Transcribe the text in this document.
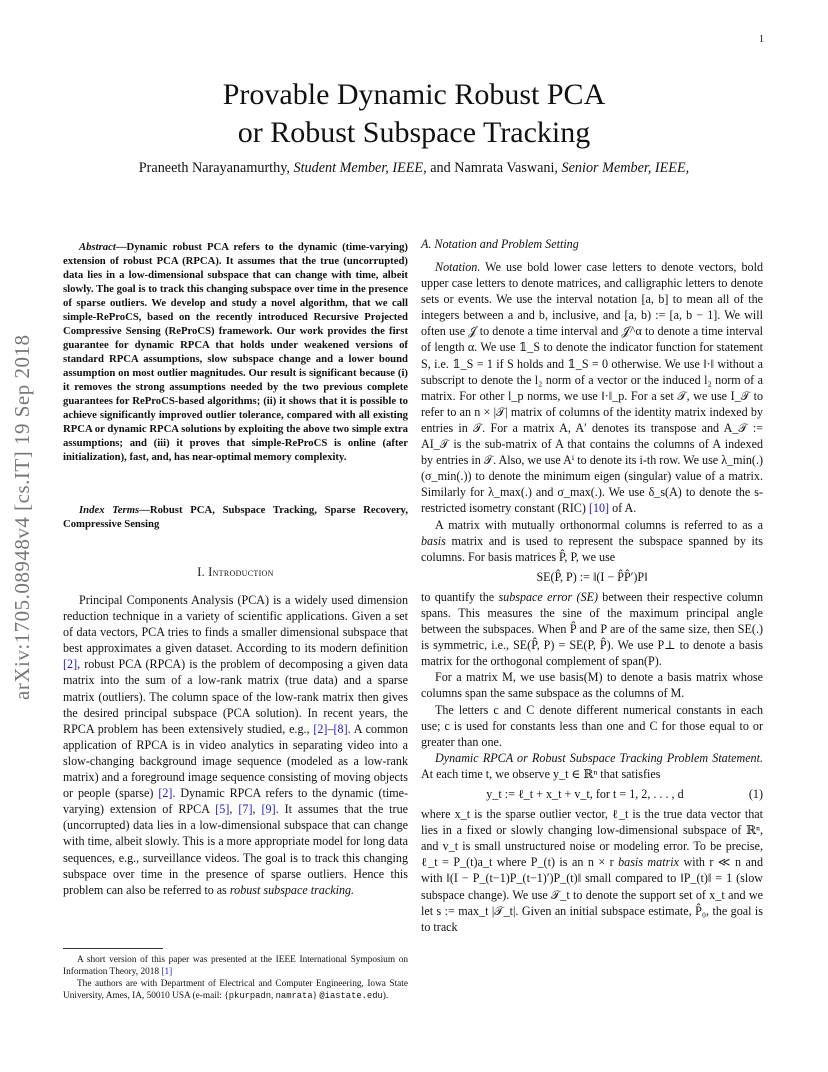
1
arXiv:1705.08948v4 [cs.IT] 19 Sep 2018
Provable Dynamic Robust PCA
or Robust Subspace Tracking
Praneeth Narayanamurthy, Student Member, IEEE, and Namrata Vaswani, Senior Member, IEEE,
Abstract—Dynamic robust PCA refers to the dynamic (time-varying) extension of robust PCA (RPCA). It assumes that the true (uncorrupted) data lies in a low-dimensional subspace that can change with time, albeit slowly. The goal is to track this changing subspace over time in the presence of sparse outliers. We develop and study a novel algorithm, that we call simple-ReProCS, based on the recently introduced Recursive Projected Compressive Sensing (ReProCS) framework. Our work provides the first guarantee for dynamic RPCA that holds under weakened versions of standard RPCA assumptions, slow subspace change and a lower bound assumption on most outlier magnitudes. Our result is significant because (i) it removes the strong assumptions needed by the two previous complete guarantees for ReProCS-based algorithms; (ii) it shows that it is possible to achieve significantly improved outlier tolerance, compared with all existing RPCA or dynamic RPCA solutions by exploiting the above two simple extra assumptions; and (iii) it proves that simple-ReProCS is online (after initialization), fast, and, has near-optimal memory complexity.
Index Terms—Robust PCA, Subspace Tracking, Sparse Recovery, Compressive Sensing
I. Introduction
Principal Components Analysis (PCA) is a widely used dimension reduction technique in a variety of scientific applications. Given a set of data vectors, PCA tries to finds a smaller dimensional subspace that best approximates a given dataset. According to its modern definition [2], robust PCA (RPCA) is the problem of decomposing a given data matrix into the sum of a low-rank matrix (true data) and a sparse matrix (outliers). The column space of the low-rank matrix then gives the desired principal subspace (PCA solution). In recent years, the RPCA problem has been extensively studied, e.g., [2]–[8]. A common application of RPCA is in video analytics in separating video into a slow-changing background image sequence (modeled as a low-rank matrix) and a foreground image sequence consisting of moving objects or people (sparse) [2]. Dynamic RPCA refers to the dynamic (time-varying) extension of RPCA [5], [7], [9]. It assumes that the true (uncorrupted) data lies in a low-dimensional subspace that can change with time, albeit slowly. This is a more appropriate model for long data sequences, e.g., surveillance videos. The goal is to track this changing subspace over time in the presence of sparse outliers. Hence this problem can also be referred to as robust subspace tracking.

A short version of this paper was presented at the IEEE International Symposium on Information Theory, 2018 [1]

The authors are with Department of Electrical and Computer Engineering, Iowa State University, Ames, IA, 50010 USA (e-mail: {pkurpadn, namrata} @iastate.edu).

A. Notation and Problem Setting

Notation. We use bold lower case letters to denote vectors, bold upper case letters to denote matrices, and calligraphic letters to denote sets or events. We use the interval notation [a, b] to mean all of the integers between a and b, inclusive, and [a, b) := [a, b − 1]. We will often use 𝒥 to denote a time interval and 𝒥^α to denote a time interval of length α. We use 𝟙_S to denote the indicator function for statement S, i.e. 𝟙_S = 1 if S holds and 𝟙_S = 0 otherwise. We use ‖·‖ without a subscript to denote the l₂ norm of a vector or the induced l₂ norm of a matrix. For other l_p norms, we use ‖·‖_p. For a set 𝒯, we use I_𝒯 to refer to an n × |𝒯| matrix of columns of the identity matrix indexed by entries in 𝒯. For a matrix A, A′ denotes its transpose and A_𝒯 := AI_𝒯 is the sub-matrix of A that contains the columns of A indexed by entries in 𝒯. Also, we use Aⁱ to denote its i-th row. We use λ_min(.) (σ_min(.)) to denote the minimum eigen (singular) value of a matrix. Similarly for λ_max(.) and σ_max(.). We use δ_s(A) to denote the s-restricted isometry constant (RIC) [10] of A.

A matrix with mutually orthonormal columns is referred to as a basis matrix and is used to represent the subspace spanned by its columns. For basis matrices P̂, P, we use

SE(P̂, P) := ‖(I − P̂P̂′)P‖

to quantify the subspace error (SE) between their respective column spans. This measures the sine of the maximum principal angle between the subspaces. When P̂ and P are of the same size, then SE(.) is symmetric, i.e., SE(P̂, P) = SE(P, P̂). We use P⊥ to denote a basis matrix for the orthogonal complement of span(P).

For a matrix M, we use basis(M) to denote a basis matrix whose columns span the same subspace as the columns of M.

The letters c and C denote different numerical constants in each use; c is used for constants less than one and C for those equal to or greater than one.

Dynamic RPCA or Robust Subspace Tracking Problem Statement. At each time t, we observe y_t ∈ ℝⁿ that satisfies

y_t := ℓ_t + x_t + v_t, for t = 1, 2, . . . , d	(1)

where x_t is the sparse outlier vector, ℓ_t is the true data vector that lies in a fixed or slowly changing low-dimensional subspace of ℝⁿ, and v_t is small unstructured noise or modeling error. To be precise, ℓ_t = P_(t)a_t where P_(t) is an n × r basis matrix with r ≪ n and with ‖(I − P_(t−1)P_(t−1)′)P_(t)‖ small compared to ‖P_(t)‖ = 1 (slow subspace change). We use 𝒯_t to denote the support set of x_t and we let s := max_t |𝒯_t|. Given an initial subspace estimate, P̂₀, the goal is to track
